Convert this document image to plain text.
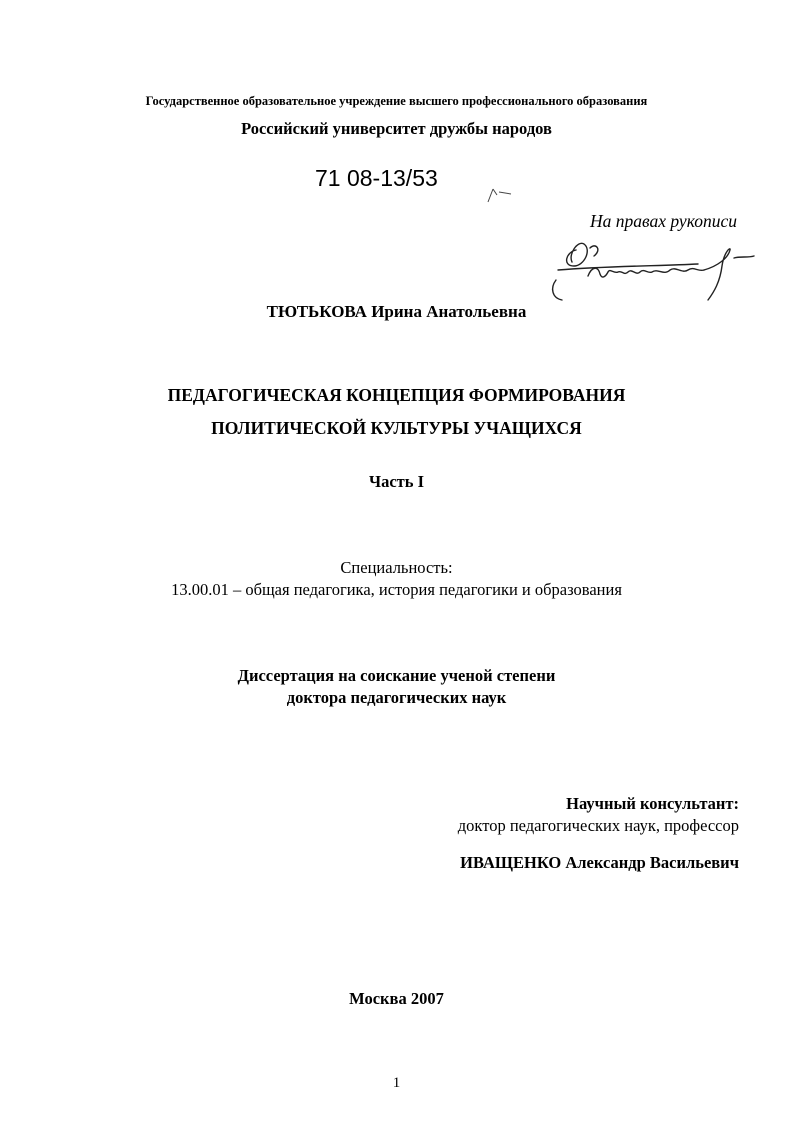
Государственное образовательное учреждение высшего профессионального образования
Российский университет дружбы народов
71 08-13/53
На правах рукописи
ТЮТЬКОВА Ирина Анатольевна
ПЕДАГОГИЧЕСКАЯ КОНЦЕПЦИЯ ФОРМИРОВАНИЯ
ПОЛИТИЧЕСКОЙ КУЛЬТУРЫ УЧАЩИХСЯ
Часть I
Специальность:
13.00.01 – общая педагогика, история педагогики и образования
Диссертация на соискание ученой степени
доктора педагогических наук
Научный консультант:
доктор педагогических наук, профессор
ИВАЩЕНКО Александр Васильевич
Москва 2007
1
